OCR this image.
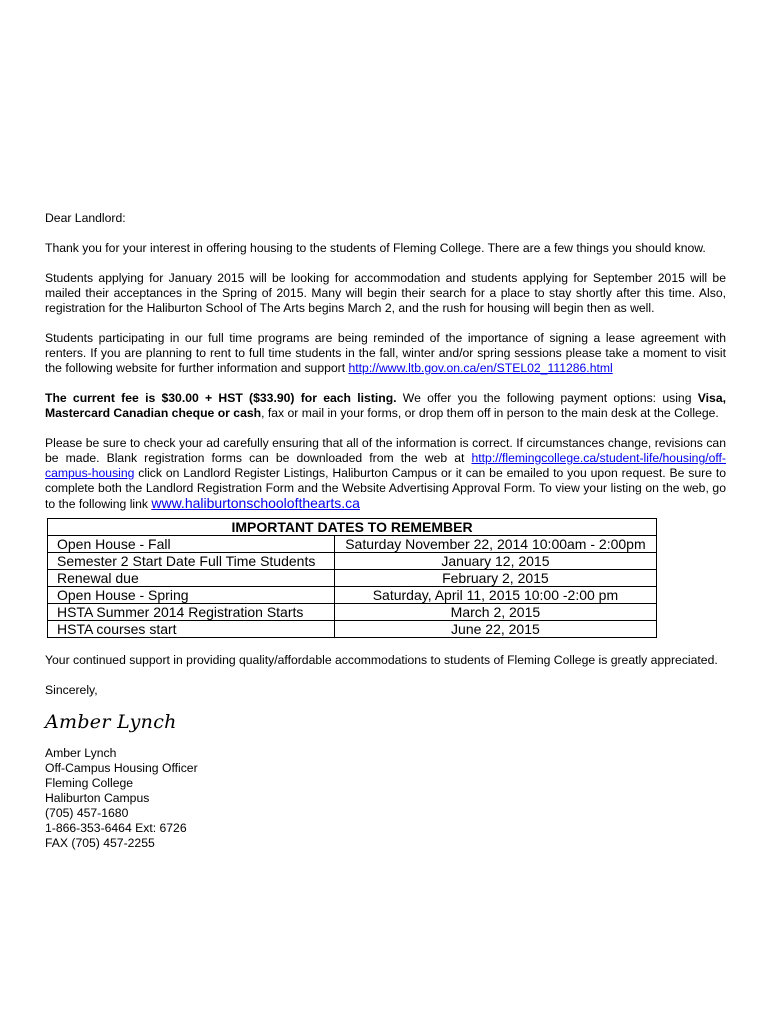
Dear Landlord:

Thank you for your interest in offering housing to the students of Fleming College. There are a few things you should know.

Students applying for January 2015 will be looking for accommodation and students applying for September 2015 will be mailed their acceptances in the Spring of 2015. Many will begin their search for a place to stay shortly after this time. Also, registration for the Haliburton School of The Arts begins March 2, and the rush for housing will begin then as well.

Students participating in our full time programs are being reminded of the importance of signing a lease agreement with renters. If you are planning to rent to full time students in the fall, winter and/or spring sessions please take a moment to visit the following website for further information and support http://www.ltb.gov.on.ca/en/STEL02_111286.html

The current fee is $30.00 + HST ($33.90) for each listing. We offer you the following payment options: using Visa, Mastercard Canadian cheque or cash, fax or mail in your forms, or drop them off in person to the main desk at the College.

Please be sure to check your ad carefully ensuring that all of the information is correct. If circumstances change, revisions can be made. Blank registration forms can be downloaded from the web at http://flemingcollege.ca/student-life/housing/off-campus-housing click on Landlord Register Listings, Haliburton Campus or it can be emailed to you upon request. Be sure to complete both the Landlord Registration Form and the Website Advertising Approval Form. To view your listing on the web, go to the following link www.haliburtonschoolofthearts.ca

IMPORTANT DATES TO REMEMBER	
Open House - Fall	Saturday November 22, 2014 10:00am - 2:00pm
Semester 2 Start Date Full Time Students	January 12, 2015
Renewal due	February 2, 2015
Open House - Spring	Saturday, April 11, 2015 10:00 -2:00 pm
HSTA Summer 2014 Registration Starts	March 2, 2015
HSTA courses start	June 22, 2015

Your continued support in providing quality/affordable accommodations to students of Fleming College is greatly appreciated.

Sincerely,

Amber Lynch

Amber Lynch

Off-Campus Housing Officer

Fleming College

Haliburton Campus

(705) 457-1680

1-866-353-6464 Ext: 6726

FAX (705) 457-2255
